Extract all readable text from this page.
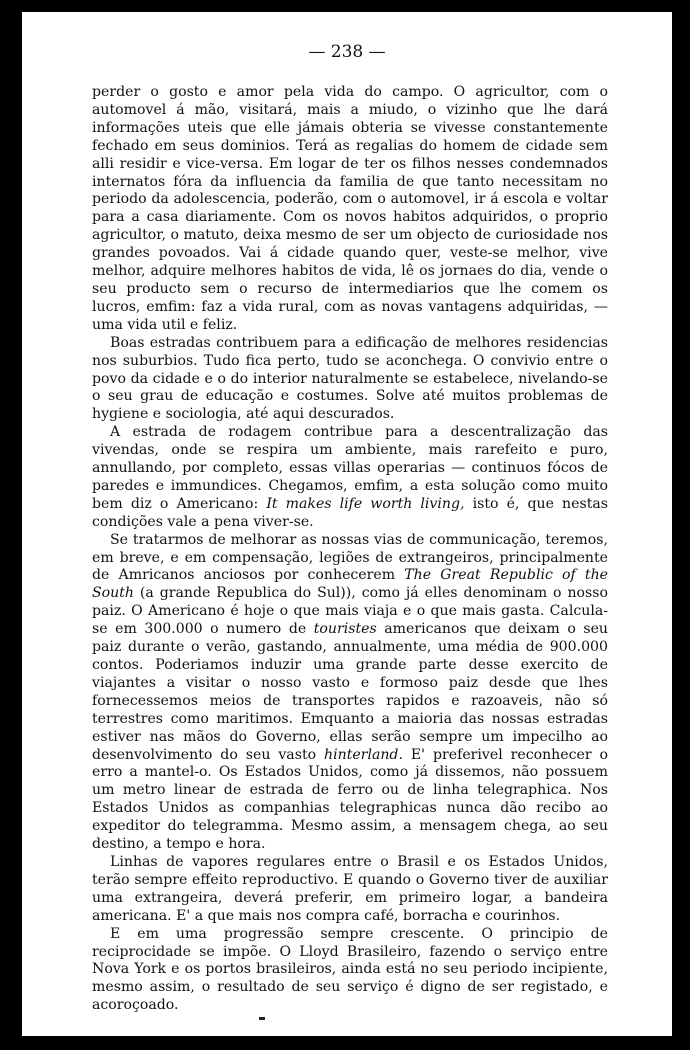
— 238 —

perder o gosto e amor pela vida do campo. O agricultor, com o automovel á mão, visitará, mais a miudo, o vizinho que lhe dará informações uteis que elle jámais obteria se vivesse constantemente fechado em seus dominios. Terá as regalias do homem de cidade sem alli residir e vice-versa. Em logar de ter os filhos nesses condemnados internatos fóra da influencia da familia de que tanto necessitam no periodo da adolescencia, poderão, com o automovel, ir á escola e voltar para a casa diariamente. Com os novos habitos adquiridos, o proprio agricultor, o matuto, deixa mesmo de ser um objecto de curiosidade nos grandes povoados. Vai á cidade quando quer, veste-se melhor, vive melhor, adquire melhores habitos de vida, lê os jornaes do dia, vende o seu producto sem o recurso de intermediarios que lhe comem os lucros, emfim: faz a vida rural, com as novas vantagens adquiridas, — uma vida util e feliz.

Boas estradas contribuem para a edificação de melhores residencias nos suburbios. Tudo fica perto, tudo se aconchega. O convivio entre o povo da cidade e o do interior naturalmente se estabelece, nivelando-se o seu grau de educação e costumes. Solve até muitos problemas de hygiene e sociologia, até aqui descurados.

A estrada de rodagem contribue para a descentralização das vivendas, onde se respira um ambiente, mais rarefeito e puro, annullando, por completo, essas villas operarias — continuos fócos de paredes e immundices. Chegamos, emfim, a esta solução como muito bem diz o Americano: It makes life worth living, isto é, que nestas condições vale a pena viver-se.

Se tratarmos de melhorar as nossas vias de communicação, teremos, em breve, e em compensação, legiões de extrangeiros, principalmente de Amricanos anciosos por conhecerem The Great Republic of the South (a grande Republica do Sul)), como já elles denominam o nosso paiz. O Americano é hoje o que mais viaja e o que mais gasta. Calcula-se em 300.000 o numero de touristes americanos que deixam o seu paiz durante o verão, gastando, annualmente, uma média de 900.000 contos. Poderiamos induzir uma grande parte desse exercito de viajantes a visitar o nosso vasto e formoso paiz desde que lhes fornecessemos meios de transportes rapidos e razoaveis, não só terrestres como maritimos. Emquanto a maioria das nossas estradas estiver nas mãos do Governo, ellas serão sempre um impecilho ao desenvolvimento do seu vasto hinterland. E' preferivel reconhecer o erro a mantel-o. Os Estados Unidos, como já dissemos, não possuem um metro linear de estrada de ferro ou de linha telegraphica. Nos Estados Unidos as companhias telegraphicas nunca dão recibo ao expeditor do telegramma. Mesmo assim, a mensagem chega, ao seu destino, a tempo e hora.

Linhas de vapores regulares entre o Brasil e os Estados Unidos, terão sempre effeito reproductivo. E quando o Governo tiver de auxiliar uma extrangeira, deverá preferir, em primeiro logar, a bandeira americana. E' a que mais nos compra café, borracha e courinhos.

E em uma progressão sempre crescente. O principio de reciprocidade se impõe. O Lloyd Brasileiro, fazendo o serviço entre Nova York e os portos brasileiros, ainda está no seu periodo incipiente, mesmo assim, o resultado de seu serviço é digno de ser registado, e acoroçoado.
